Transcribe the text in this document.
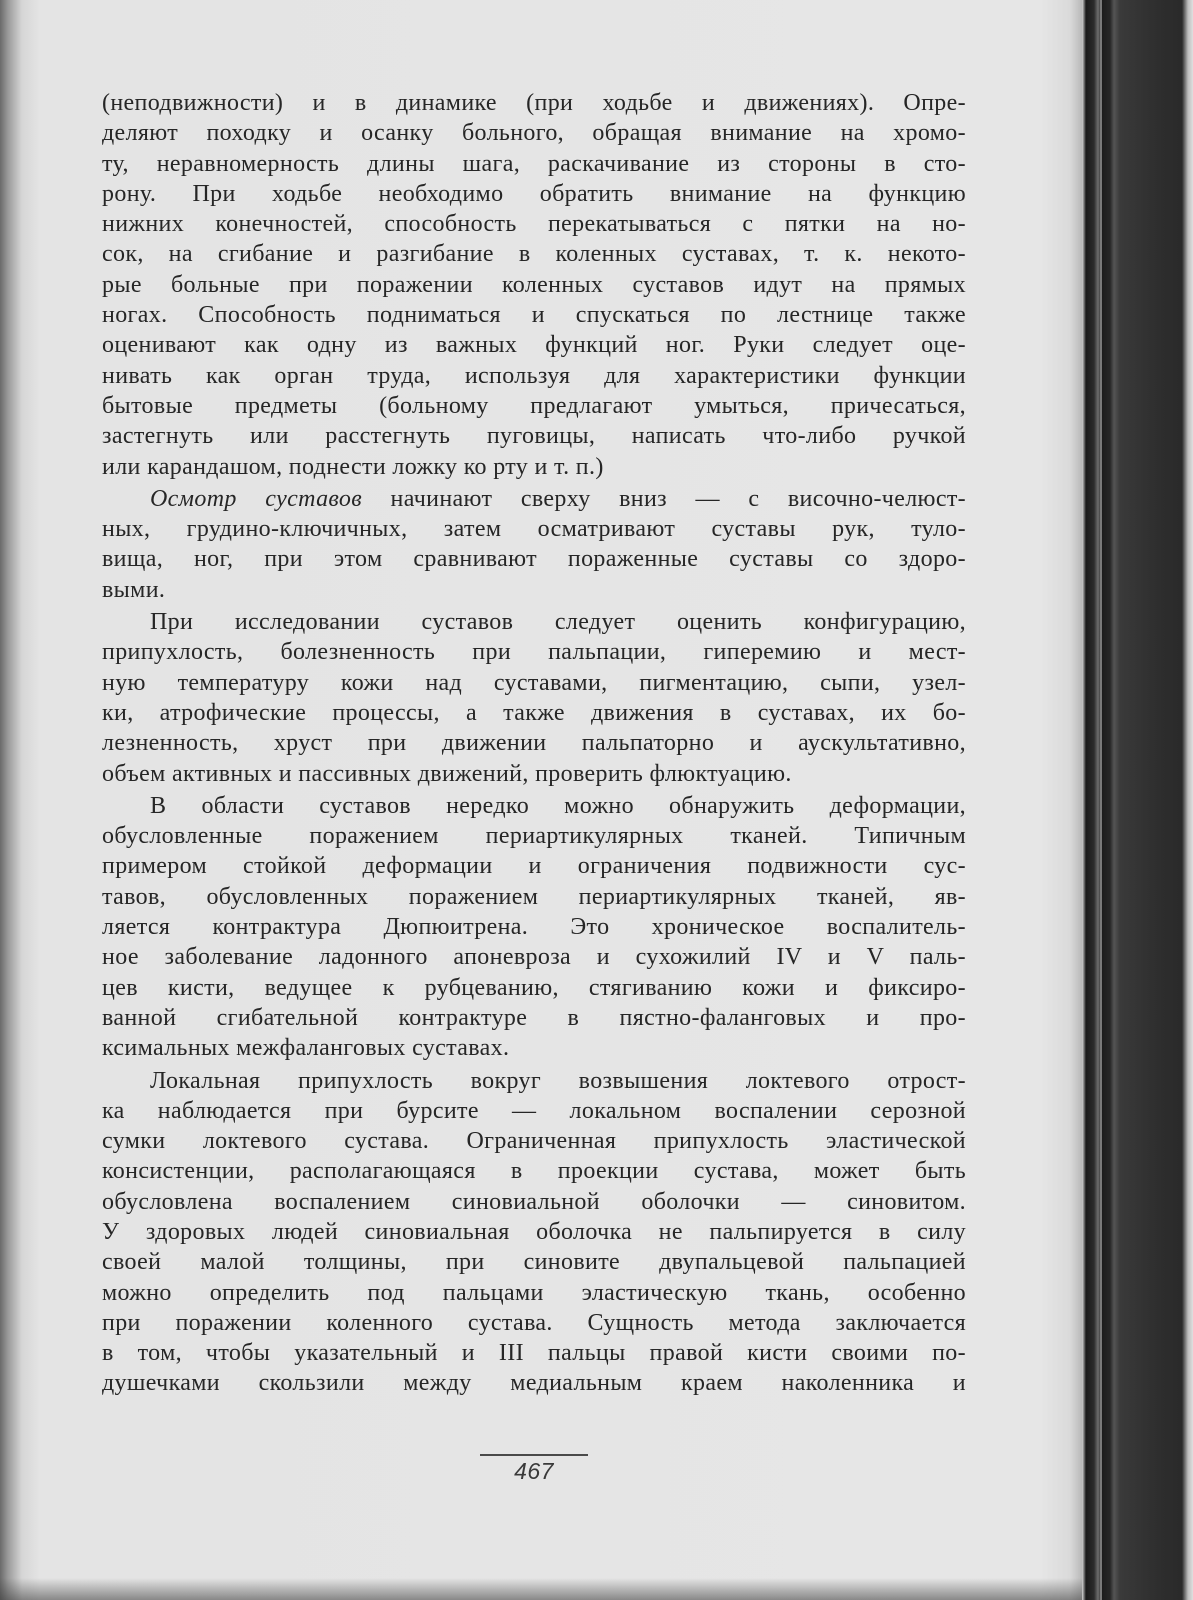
(неподвижности) и в динамике (при ходьбе и движениях). Опре-
деляют походку и осанку больного, обращая внимание на хромо-
ту, неравномерность длины шага, раскачивание из стороны в сто-
рону. При ходьбе необходимо обратить внимание на функцию
нижних конечностей, способность перекатываться с пятки на но-
сок, на сгибание и разгибание в коленных суставах, т. к. некото-
рые больные при поражении коленных суставов идут на прямых
ногах. Способность подниматься и спускаться по лестнице также
оценивают как одну из важных функций ног. Руки следует оце-
нивать как орган труда, используя для характеристики функции
бытовые предметы (больному предлагают умыться, причесаться,
застегнуть или расстегнуть пуговицы, написать что-либо ручкой
или карандашом, поднести ложку ко рту и т. п.)
Осмотр суставов начинают сверху вниз — с височно-челюст-
ных, грудино-ключичных, затем осматривают суставы рук, туло-
вища, ног, при этом сравнивают пораженные суставы со здоро-
выми.
При исследовании суставов следует оценить конфигурацию,
припухлость, болезненность при пальпации, гиперемию и мест-
ную температуру кожи над суставами, пигментацию, сыпи, узел-
ки, атрофические процессы, а также движения в суставах, их бо-
лезненность, хруст при движении пальпаторно и аускультативно,
объем активных и пассивных движений, проверить флюктуацию.
В области суставов нередко можно обнаружить деформации,
обусловленные поражением периартикулярных тканей. Типичным
примером стойкой деформации и ограничения подвижности сус-
тавов, обусловленных поражением периартикулярных тканей, яв-
ляется контрактура Дюпюитрена. Это хроническое воспалитель-
ное заболевание ладонного апоневроза и сухожилий IV и V паль-
цев кисти, ведущее к рубцеванию, стягиванию кожи и фиксиро-
ванной сгибательной контрактуре в пястно-фаланговых и про-
ксимальных межфаланговых суставах.
Локальная припухлость вокруг возвышения локтевого отрост-
ка наблюдается при бурсите — локальном воспалении серозной
сумки локтевого сустава. Ограниченная припухлость эластической
консистенции, располагающаяся в проекции сустава, может быть
обусловлена воспалением синовиальной оболочки — синовитом.
У здоровых людей синовиальная оболочка не пальпируется в силу
своей малой толщины, при синовите двупальцевой пальпацией
можно определить под пальцами эластическую ткань, особенно
при поражении коленного сустава. Сущность метода заключается
в том, чтобы указательный и III пальцы правой кисти своими по-
душечками скользили между медиальным краем наколенника и
467
